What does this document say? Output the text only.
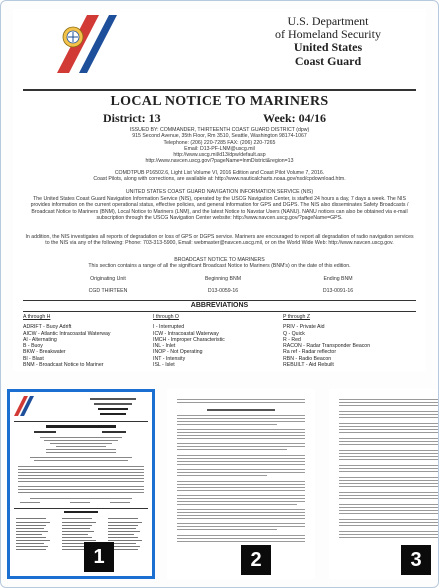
U.S. Department
of Homeland Security
United States
Coast Guard
LOCAL NOTICE TO MARINERS
District: 13	Week: 04/16
ISSUED BY: COMMANDER, THIRTEENTH COAST GUARD DISTRICT (dpw)
915 Second Avenue, 35th Floor, Rm 3510, Seattle, Washington 98174-1067
Telephone: (206) 220-7285 FAX: (206) 220-7265
Email: D13-PF-LNM@uscg.mil
http://www.uscg.mil/d13/dpw/default.asp
http://www.navcen.uscg.gov/?pageName=lnmDistrict&region=13
COMDTPUB P16502.6, Light List Volume VI, 2016 Edition and Coast Pilot Volume 7, 2016.
Coast Pilots, along with corrections, are available at: http://www.nauticalcharts.noaa.gov/nsd/cpdownload.htm.
UNITED STATES COAST GUARD NAVIGATION INFORMATION SERVICE (NIS)
The United States Coast Guard Navigation Information Service (NIS), operated by the USCG Navigation Center, is staffed 24 hours a day, 7 days a week. The NIS provides information on the current operational status, effective policies, and general information for GPS and DGPS. The NIS also disseminates Safety Broadcasts / Broadcast Notice to Mariners (BNM), Local Notice to Mariners (LNM), and the latest Notice to Navstar Users (NANU). NANU notices can also be obtained via e-mail subscription through the USCG Navigation Center website: http://www.navcen.uscg.gov/?pageName=GPS.
In addition, the NIS investigates all reports of degradation or loss of GPS or DGPS service. Mariners are encouraged to report all degradation of radio navigation services to the NIS via any of the following: Phone: 703-313-5900, Email: webmaster@navcen.uscg.mil, or on the World Wide Web: http://www.navcen.uscg.gov.
BROADCAST NOTICE TO MARINERS
This section contains a range of all the significant Broadcast Notice to Mariners (BNM's) on the date of this edition.
Originating Unit	Beginning BNM	Ending BNM
CGD THIRTEEN	D13-0059-16	D13-0091-16
ABBREVIATIONS
A through H
ADRIFT - Buoy Adrift
AICW - Atlantic Intracoastal Waterway
Al - Alternating
B - Buoy
BKW - Breakwater
Bl - Blast
BNM - Broadcast Notice to Mariner
I through O
I - Interrupted
ICW - Intracoastal Waterway
IMCH - Improper Characteristic
INL - Inlet
INOP - Not Operating
INT - Intensity
ISL - Islet
P through Z
PRIV - Private Aid
Q - Quick
R - Red
RACON - Radar Transponder Beacon
Ra ref - Radar reflector
RBN - Radio Beacon
REBUILT - Aid Rebuilt
1	2	3
